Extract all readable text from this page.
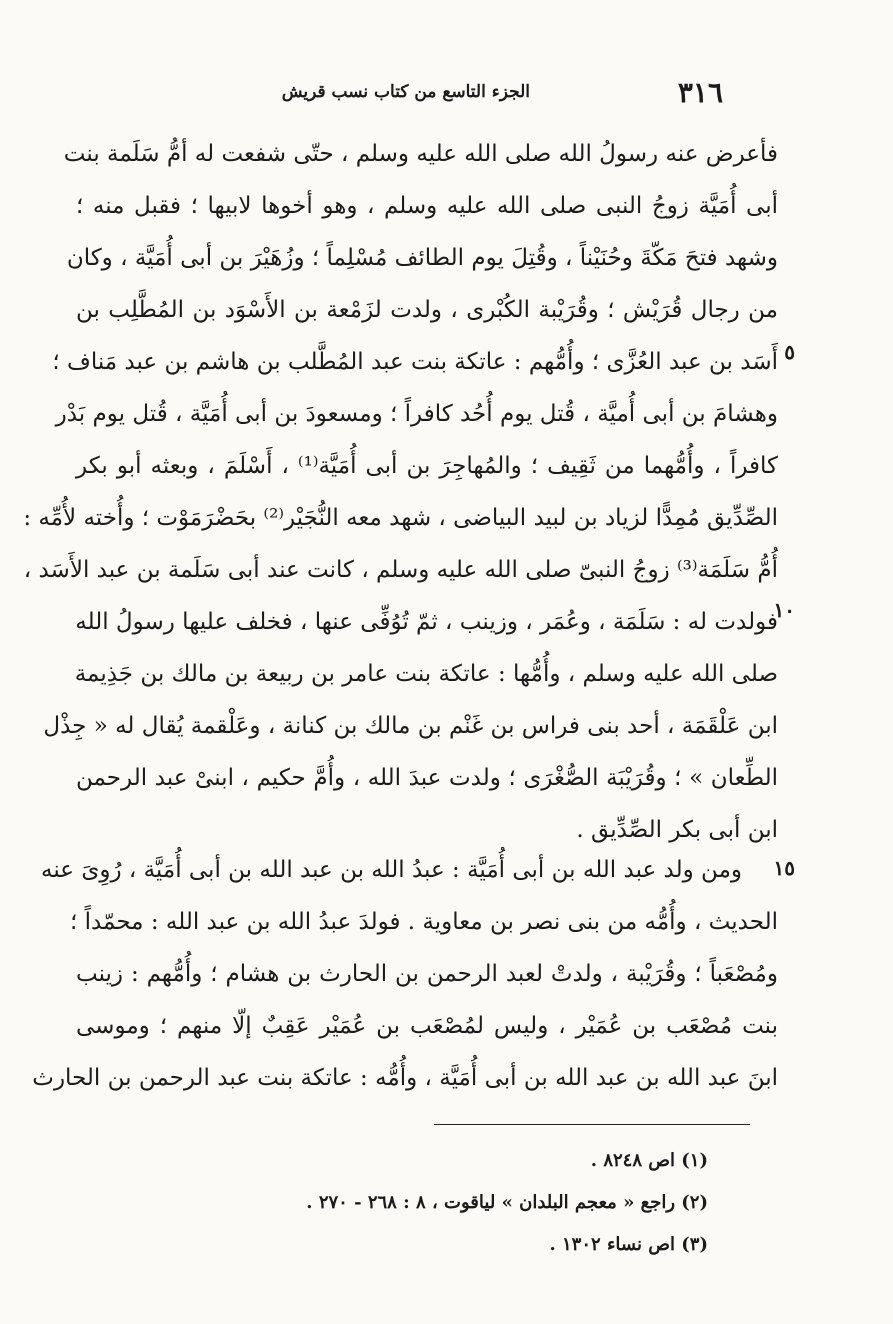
٣١٦
الجزء التاسع من كتاب نسب قريش
٥
١٠
١٥
فأعرض عنه رسولُ الله صلى الله عليه وسلم ، حتّى شفعت له أمُّ سَلَمة بنت
أبى أُمَيَّة زوجُ النبى صلى الله عليه وسلم ، وهو أخوها لابيها ؛ فقبل منه ؛
وشهد فتحَ مَكّةَ وحُنَيْناً ، وقُتِلَ يوم الطائف مُسْلِماً ؛ وزُهَيْرَ بن أبى أُمَيَّة ، وكان
من رجال قُرَيْش ؛ وقُرَيْبة الكُبْرى ، ولدت لزَمْعة بن الأَسْوَد بن المُطَّلِب بن
أَسَد بن عبد العُزَّى ؛ وأُمُّهم : عاتكة بنت عبد المُطَّلب بن هاشم بن عبد مَناف ؛
وهشامَ بن أبى أُميَّة ، قُتل يوم أُحُد كافراً ؛ ومسعودَ بن أبى أُمَيَّة ، قُتل يوم بَدْر
كافراً ، وأُمُّهما من ثَقِيف ؛ والمُهاجِرَ بن أبى أُمَيَّة⁽¹⁾ ، أَسْلَمَ ، وبعثه أبو بكر
الصِّدِّيق مُمِدًّا لزياد بن لبيد البياضى ، شهد معه النُّجَيْر⁽²⁾ بحَضْرَمَوْت ؛ وأُخته لأُمِّه :
أُمُّ سَلَمَة⁽³⁾ زوجُ النبىّ صلى الله عليه وسلم ، كانت عند أبى سَلَمة بن عبد الأَسَد ،
فولدت له : سَلَمَة ، وعُمَر ، وزينب ، ثمّ تُوُفِّى عنها ، فخلف عليها رسولُ الله
صلى الله عليه وسلم ، وأُمُّها : عاتكة بنت عامر بن ربيعة بن مالك بن جَذِيمة
ابن عَلْقَمَة ، أحد بنى فراس بن غَنْم بن مالك بن كنانة ، وعَلْقمة يُقال له « جِذْل
الطِّعان » ؛ وقُرَيْبَة الصُّغْرَى ؛ ولدت عبدَ الله ، وأُمَّ حكيم ، ابنىْ عبد الرحمن
ابن أبى بكر الصِّدِّيق .
ومن ولد عبد الله بن أبى أُمَيَّة : عبدُ الله بن عبد الله بن أبى أُمَيَّة ، رُوِىَ عنه
الحديث ، وأُمُّه من بنى نصر بن معاوية . فولدَ عبدُ الله بن عبد الله : محمّداً ؛
ومُصْعَباً ؛ وقُرَيْبة ، ولدتْ لعبد الرحمن بن الحارث بن هشام ؛ وأُمُّهم : زينب
بنت مُصْعَب بن عُمَيْر ، وليس لمُصْعَب بن عُمَيْر عَقِبٌ إلّا منهم ؛ وموسى
ابنَ عبد الله بن عبد الله بن أبى أُمَيَّة ، وأُمُّه : عاتكة بنت عبد الرحمن بن الحارث
(١) اص ٨٢٤٨ .
(٢) راجع « معجم البلدان » لياقوت ، ٨ : ٢٦٨ - ٢٧٠ .
(٣) اص نساء ١٣٠٢ .
